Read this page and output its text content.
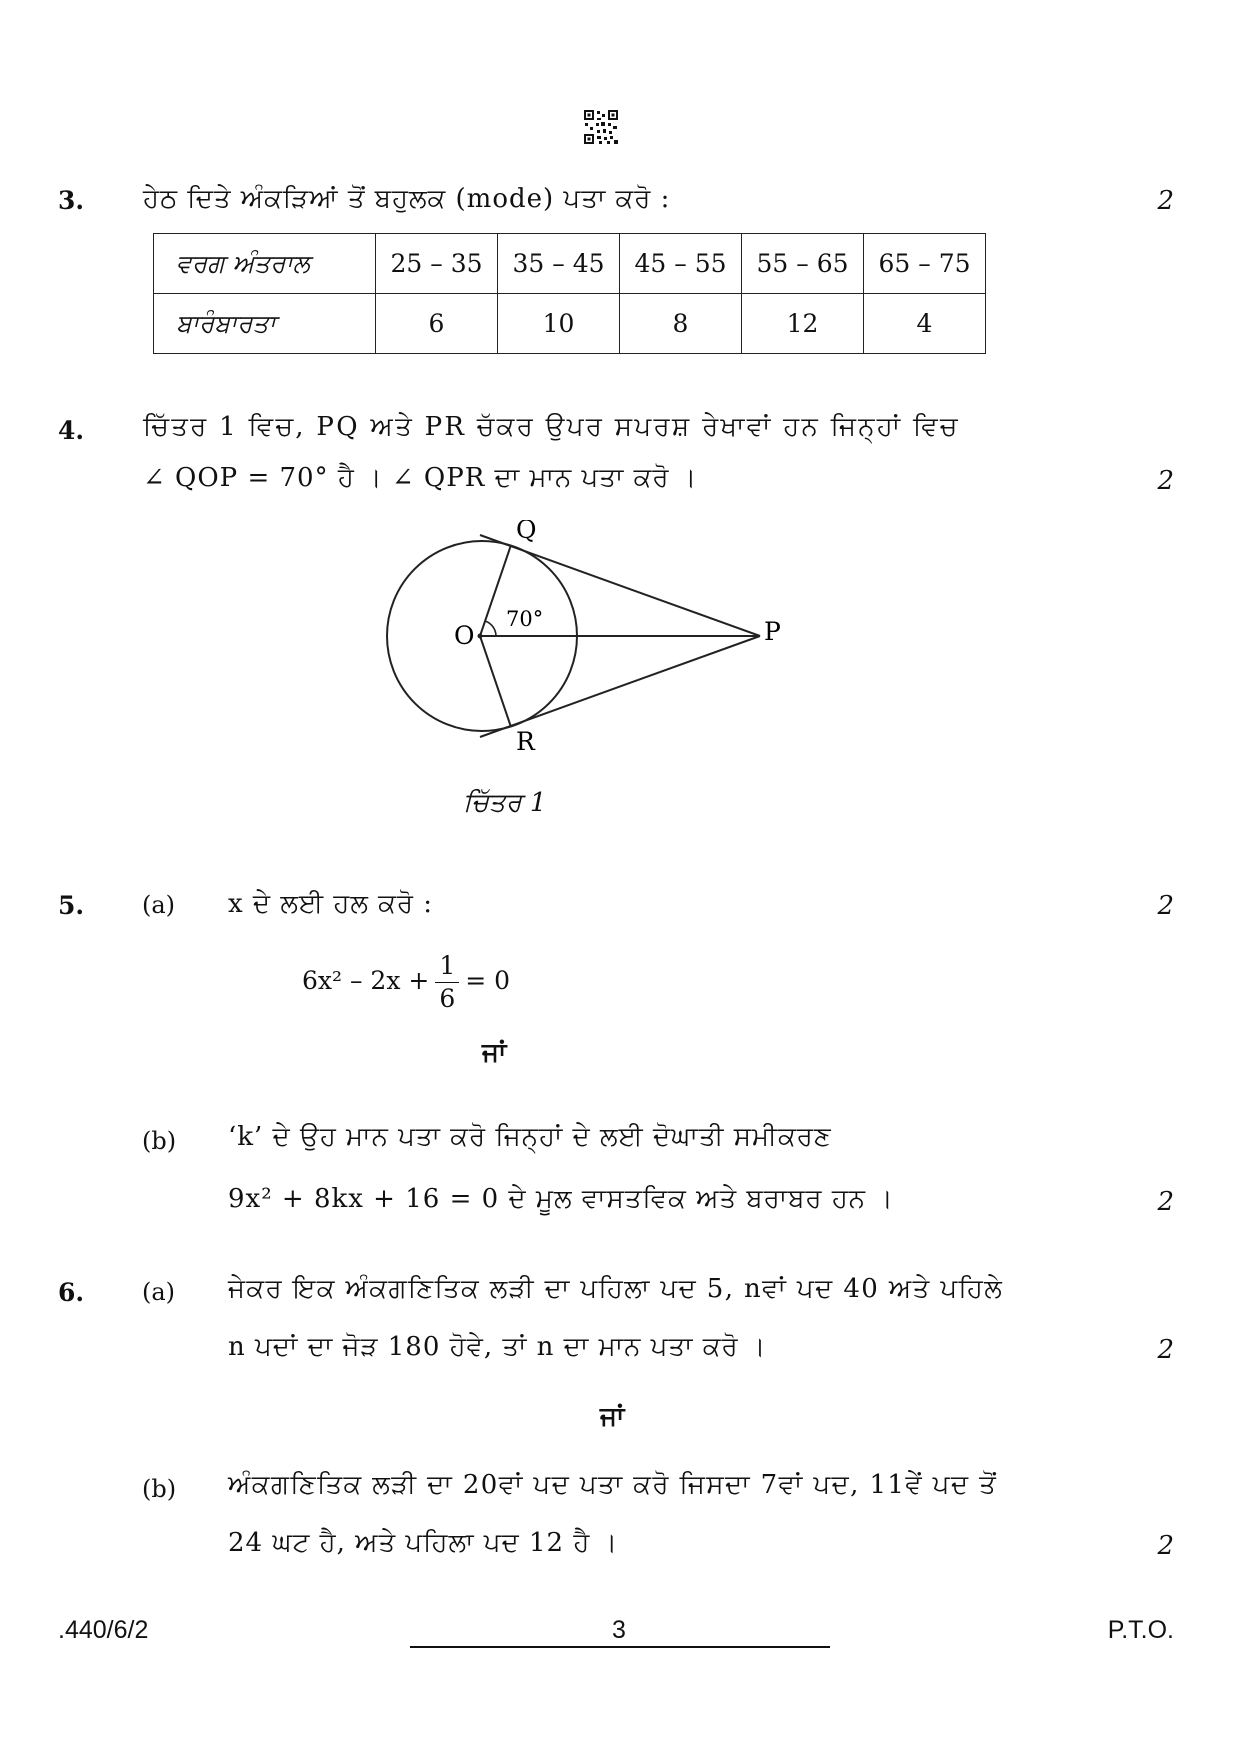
3. ਹੇਠ ਦਿਤੇ ਅੰਕੜਿਆਂ ਤੋਂ ਬਹੁਲਕ (mode) ਪਤਾ ਕਰੋ :	2
ਵਰਗ ਅੰਤਰਾਲ	25 – 35	35 – 45	45 – 55	55 – 65	65 – 75
ਬਾਰੰਬਾਰਤਾ	6	10	8	12	4
4. ਚਿੱਤਰ 1 ਵਿਚ, PQ ਅਤੇ PR ਚੱਕਰ ਉਪਰ ਸਪਰਸ਼ ਰੇਖਾਵਾਂ ਹਨ ਜਿਨ੍ਹਾਂ ਵਿਚ
∠ QOP = 70° ਹੈ । ∠ QPR ਦਾ ਮਾਨ ਪਤਾ ਕਰੋ ।	2
Q
O	P
R
70°
ਚਿੱਤਰ 1
5. (a) x ਦੇ ਲਈ ਹਲ ਕਰੋ :	2
$6x^2 - 2x + \frac{1}{6} = 0$
ਜਾਂ
(b) ‘k’ ਦੇ ਉਹ ਮਾਨ ਪਤਾ ਕਰੋ ਜਿਨ੍ਹਾਂ ਦੇ ਲਈ ਦੋਘਾਤੀ ਸਮੀਕਰਣ
9x² + 8kx + 16 = 0 ਦੇ ਮੂਲ ਵਾਸਤਵਿਕ ਅਤੇ ਬਰਾਬਰ ਹਨ ।	2
6. (a) ਜੇਕਰ ਇਕ ਅੰਕਗਣਿਤਿਕ ਲੜੀ ਦਾ ਪਹਿਲਾ ਪਦ 5, nਵਾਂ ਪਦ 40 ਅਤੇ ਪਹਿਲੇ
n ਪਦਾਂ ਦਾ ਜੋੜ 180 ਹੋਵੇ, ਤਾਂ n ਦਾ ਮਾਨ ਪਤਾ ਕਰੋ ।	2
ਜਾਂ
(b) ਅੰਕਗਣਿਤਿਕ ਲੜੀ ਦਾ 20ਵਾਂ ਪਦ ਪਤਾ ਕਰੋ ਜਿਸਦਾ 7ਵਾਂ ਪਦ, 11ਵੇਂ ਪਦ ਤੋਂ
24 ਘਟ ਹੈ, ਅਤੇ ਪਹਿਲਾ ਪਦ 12 ਹੈ ।	2
.440/6/2	3	P.T.O.
